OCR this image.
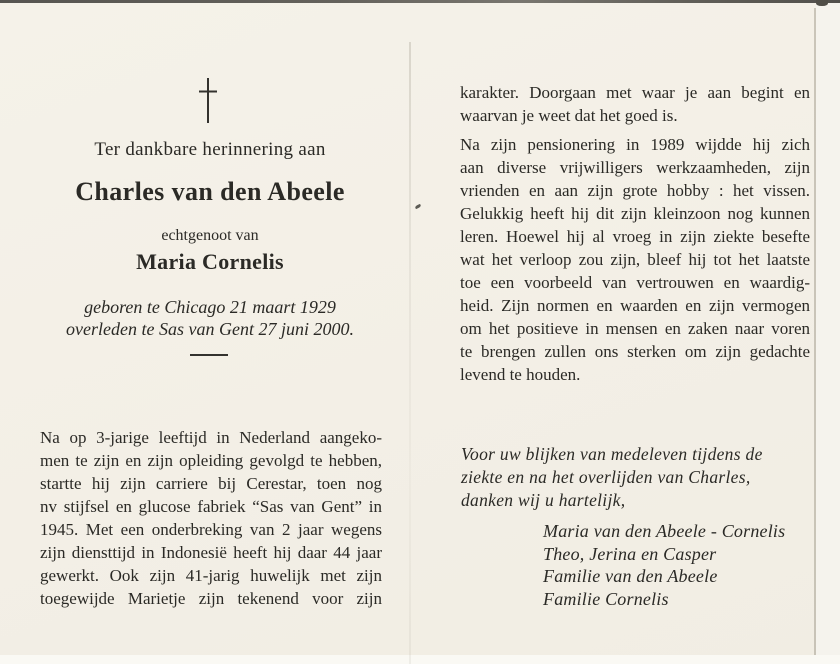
Ter dankbare herinnering aan
Charles van den Abeele
echtgenoot van
Maria Cornelis
geboren te Chicago 21 maart 1929
overleden te Sas van Gent 27 juni 2000.
Na op 3-jarige leeftijd in Nederland aangeko-
men te zijn en zijn opleiding gevolgd te hebben,
startte hij zijn carriere bij Cerestar, toen nog
nv stijfsel en glucose fabriek “Sas van Gent” in
1945. Met een onderbreking van 2 jaar wegens
zijn diensttijd in Indonesië heeft hij daar 44 jaar
gewerkt. Ook zijn 41-jarig huwelijk met zijn
toegewijde Marietje zijn tekenend voor zijn
karakter. Doorgaan met waar je aan begint en
waarvan je weet dat het goed is.
Na zijn pensionering in 1989 wijdde hij zich
aan diverse vrijwilligers werkzaamheden, zijn
vrienden en aan zijn grote hobby : het vissen.
Gelukkig heeft hij dit zijn kleinzoon nog kunnen
leren. Hoewel hij al vroeg in zijn ziekte besefte
wat het verloop zou zijn, bleef hij tot het laatste
toe een voorbeeld van vertrouwen en waardig-
heid. Zijn normen en waarden en zijn vermogen
om het positieve in mensen en zaken naar voren
te brengen zullen ons sterken om zijn gedachte
levend te houden.
Voor uw blijken van medeleven tijdens de
ziekte en na het overlijden van Charles,
danken wij u hartelijk,
Maria van den Abeele - Cornelis
Theo, Jerina en Casper
Familie van den Abeele
Familie Cornelis
